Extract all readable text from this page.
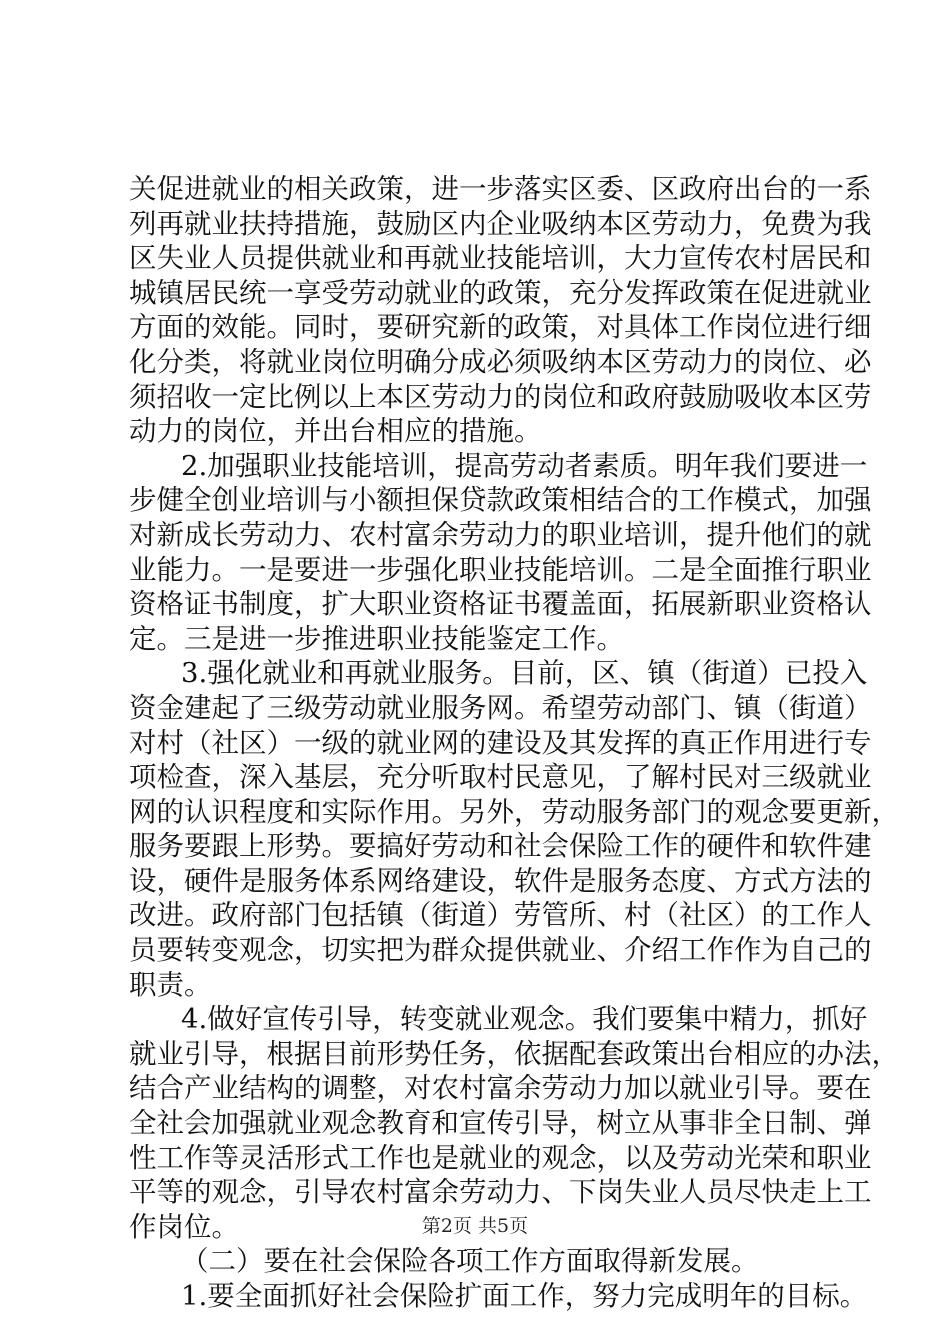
关促进就业的相关政策，进一步落实区委、区政府出台的一系
列再就业扶持措施，鼓励区内企业吸纳本区劳动力，免费为我
区失业人员提供就业和再就业技能培训，大力宣传农村居民和
城镇居民统一享受劳动就业的政策，充分发挥政策在促进就业
方面的效能。同时，要研究新的政策，对具体工作岗位进行细
化分类，将就业岗位明确分成必须吸纳本区劳动力的岗位、必
须招收一定比例以上本区劳动力的岗位和政府鼓励吸收本区劳
动力的岗位，并出台相应的措施。
2.加强职业技能培训，提高劳动者素质。明年我们要进一
步健全创业培训与小额担保贷款政策相结合的工作模式，加强
对新成长劳动力、农村富余劳动力的职业培训，提升他们的就
业能力。一是要进一步强化职业技能培训。二是全面推行职业
资格证书制度，扩大职业资格证书覆盖面，拓展新职业资格认
定。三是进一步推进职业技能鉴定工作。
3.强化就业和再就业服务。目前，区、镇（街道）已投入
资金建起了三级劳动就业服务网。希望劳动部门、镇（街道）
对村（社区）一级的就业网的建设及其发挥的真正作用进行专
项检查，深入基层，充分听取村民意见，了解村民对三级就业
网的认识程度和实际作用。另外，劳动服务部门的观念要更新，
服务要跟上形势。要搞好劳动和社会保险工作的硬件和软件建
设，硬件是服务体系网络建设，软件是服务态度、方式方法的
改进。政府部门包括镇（街道）劳管所、村（社区）的工作人
员要转变观念，切实把为群众提供就业、介绍工作作为自己的
职责。
4.做好宣传引导，转变就业观念。我们要集中精力，抓好
就业引导，根据目前形势任务，依据配套政策出台相应的办法，
结合产业结构的调整，对农村富余劳动力加以就业引导。要在
全社会加强就业观念教育和宣传引导，树立从事非全日制、弹
性工作等灵活形式工作也是就业的观念，以及劳动光荣和职业
平等的观念，引导农村富余劳动力、下岗失业人员尽快走上工
作岗位。
（二）要在社会保险各项工作方面取得新发展。
1.要全面抓好社会保险扩面工作，努力完成明年的目标。
第2页 共5页
